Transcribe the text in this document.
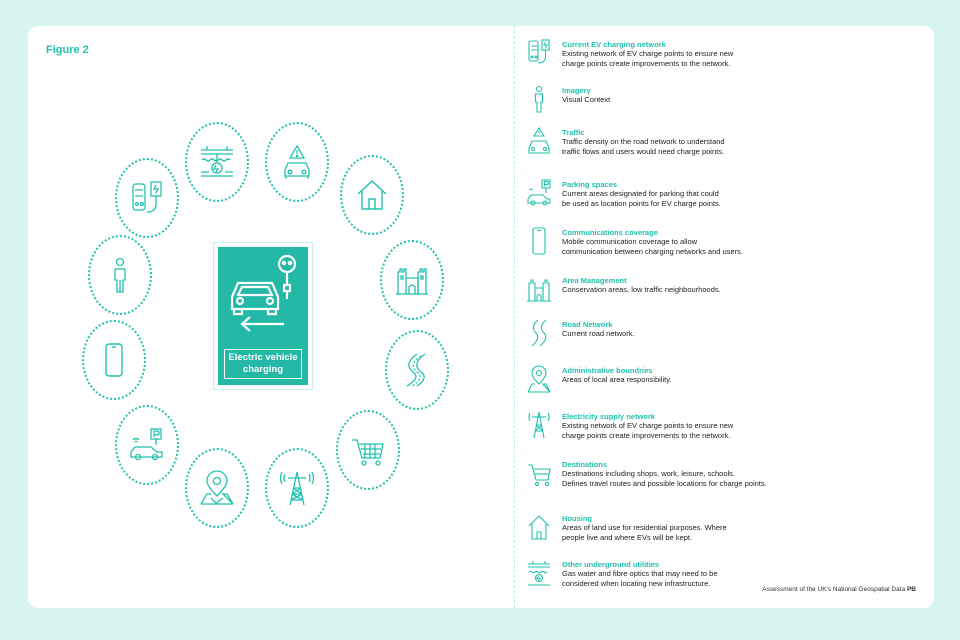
Figure 2
Electric vehicle
charging
Current EV charging network
Existing network of EV charge points to ensure new
charge points create improvements to the network.
Imagery
Visual Context
Traffic
Traffic density on the road network to understand
traffic flows and users would need charge points.
Parking spaces
Current areas designated for parking that could
be used as location points for EV charge points.
Communications coverage
Mobile communication coverage to allow
communication between charging networks and users.
Area Management
Conservation areas, low traffic neighbourhoods.
Road Network
Current road network.
Administrative boundries
Areas of local area responsibility.
Electricity supply network
Existing network of EV charge points to ensure new
charge points create improvements to the network.
Destinations
Destinations including shops, work, leisure, schools.
Defines travel routes and possible locations for charge points.
Housing
Areas of land use for residential purposes. Where
people live and where EVs will be kept.
Other underground utilities
Gas water and fibre optics that may need to be
considered when locating new infrastructure.
Assessment of the UK's National Geospatial Data PB
